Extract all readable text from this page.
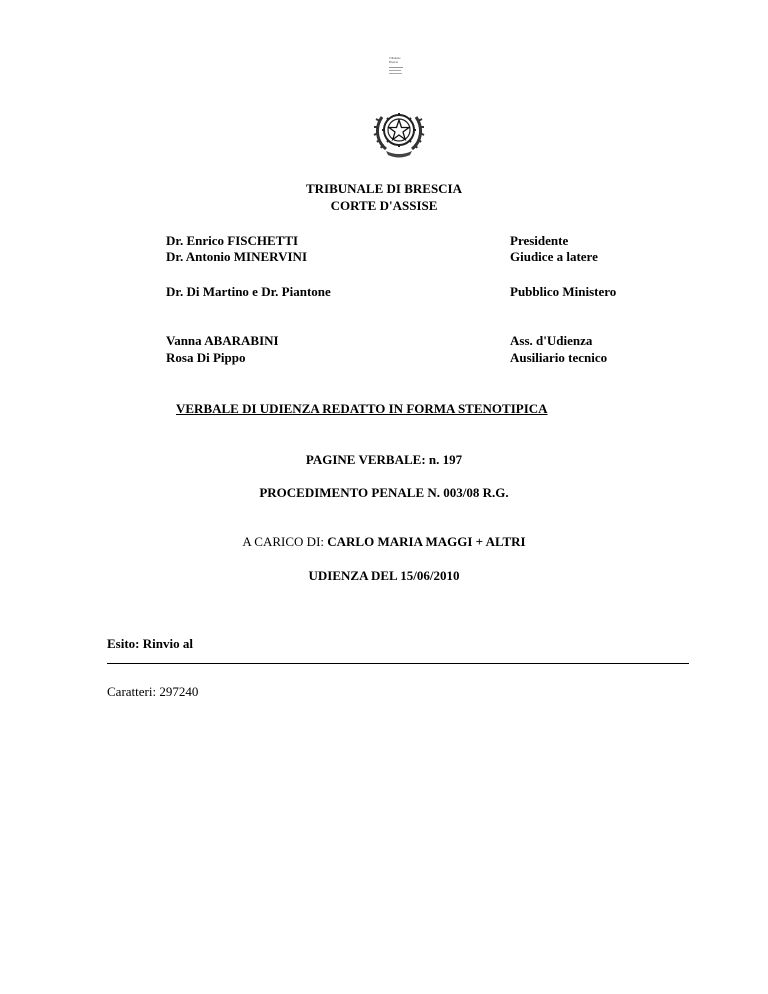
Tribunale
Brescia
TRIBUNALE DI BRESCIA
CORTE D'ASSISE
Dr. Enrico FISCHETTI	Presidente
Dr. Antonio MINERVINI	Giudice a latere
Dr. Di Martino e Dr. Piantone	Pubblico Ministero
Vanna ABARABINI	Ass. d'Udienza
Rosa Di Pippo	Ausiliario tecnico
VERBALE DI UDIENZA REDATTO IN FORMA STENOTIPICA
PAGINE VERBALE: n. 197
PROCEDIMENTO PENALE N. 003/08 R.G.
A CARICO DI: CARLO MARIA MAGGI + ALTRI
UDIENZA DEL 15/06/2010
Esito: Rinvio al
Caratteri: 297240
